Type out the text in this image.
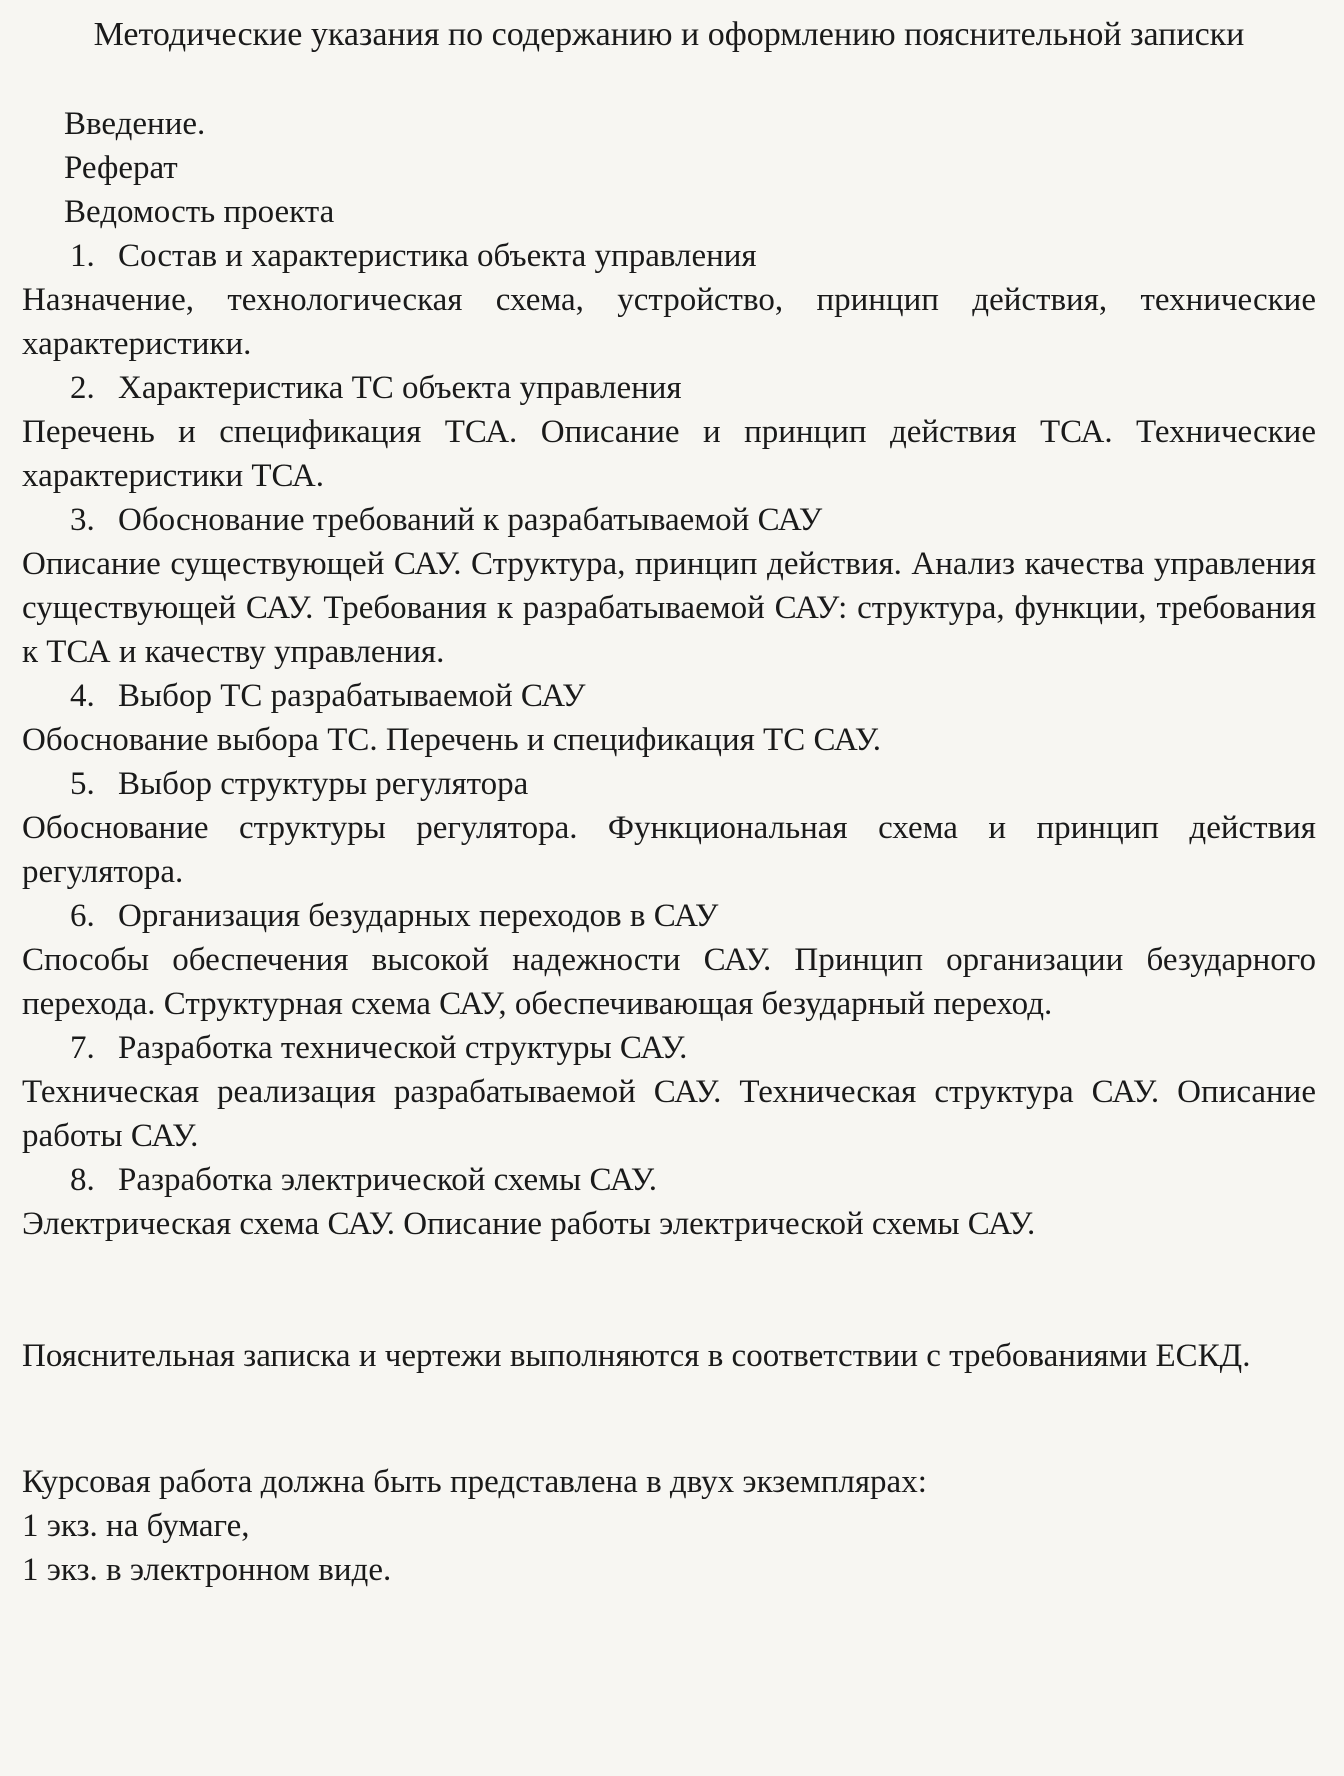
Методические указания по содержанию и оформлению пояснительной записки

Введение.

Реферат

Ведомость проекта

1. Состав и характеристика объекта управления

Назначение, технологическая схема, устройство, принцип действия, технические характеристики.

2. Характеристика ТС объекта управления

Перечень и спецификация ТСА. Описание и принцип действия ТСА. Технические характеристики ТСА.

3. Обоснование требований к разрабатываемой САУ

Описание существующей САУ. Структура, принцип действия. Анализ качества управления существующей САУ. Требования к разрабатываемой САУ: структура, функции, требования к ТСА и качеству управления.

4. Выбор ТС разрабатываемой САУ

Обоснование выбора ТС. Перечень и спецификация ТС САУ.

5. Выбор структуры регулятора

Обоснование структуры регулятора. Функциональная схема и принцип действия регулятора.

6. Организация безударных переходов в САУ

Способы обеспечения высокой надежности САУ. Принцип организации безударного перехода. Структурная схема САУ, обеспечивающая безударный переход.

7. Разработка технической структуры САУ.

Техническая реализация разрабатываемой САУ. Техническая структура САУ. Описание работы САУ.

8. Разработка электрической схемы САУ.

Электрическая схема САУ. Описание работы электрической схемы САУ.

Пояснительная записка и чертежи выполняются в соответствии с требованиями ЕСКД.

Курсовая работа должна быть представлена в двух экземплярах:

1 экз. на бумаге,

1 экз. в электронном виде.
